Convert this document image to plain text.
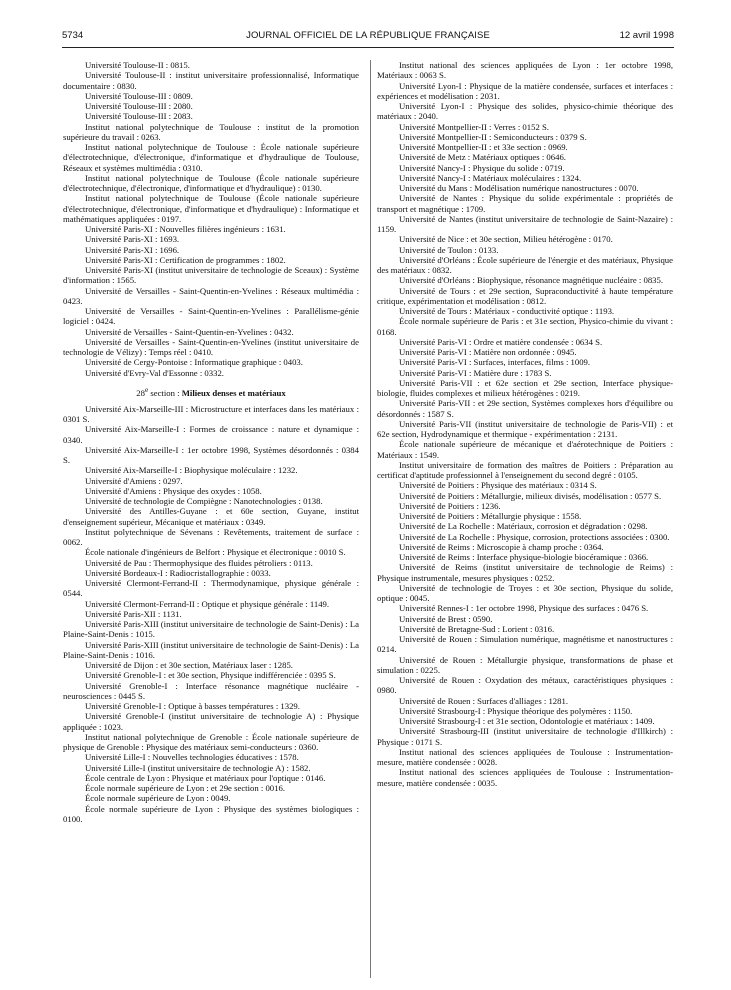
5734	JOURNAL OFFICIEL DE LA RÉPUBLIQUE FRANÇAISE	12 avril 1998

Université Toulouse-II : 0815.

Université Toulouse-II : institut universitaire professionnalisé, Informatique documentaire : 0830.

Université Toulouse-III : 0809.

Université Toulouse-III : 2080.

Université Toulouse-III : 2083.

Institut national polytechnique de Toulouse : institut de la promotion supérieure du travail : 0263.

Institut national polytechnique de Toulouse : École nationale supérieure d'électrotechnique, d'électronique, d'informatique et d'hydraulique de Toulouse, Réseaux et systèmes multimédia : 0310.

Institut national polytechnique de Toulouse (École nationale supérieure d'électrotechnique, d'électronique, d'informatique et d'hydraulique) : 0130.

Institut national polytechnique de Toulouse (École nationale supérieure d'électrotechnique, d'électronique, d'informatique et d'hydraulique) : Informatique et mathématiques appliquées : 0197.

Université Paris-XI : Nouvelles filières ingénieurs : 1631.

Université Paris-XI : 1693.

Université Paris-XI : 1696.

Université Paris-XI : Certification de programmes : 1802.

Université Paris-XI (institut universitaire de technologie de Sceaux) : Système d'information : 1565.

Université de Versailles - Saint-Quentin-en-Yvelines : Réseaux multimédia : 0423.

Université de Versailles - Saint-Quentin-en-Yvelines : Parallélisme-génie logiciel : 0424.

Université de Versailles - Saint-Quentin-en-Yvelines : 0432.

Université de Versailles - Saint-Quentin-en-Yvelines (institut universitaire de technologie de Vélizy) : Temps réel : 0410.

Université de Cergy-Pontoise : Informatique graphique : 0403.

Université d'Evry-Val d'Essonne : 0332.

28e section : Milieux denses et matériaux

Université Aix-Marseille-III : Microstructure et interfaces dans les matériaux : 0301 S.

Université Aix-Marseille-I : Formes de croissance : nature et dynamique : 0340.

Université Aix-Marseille-I : 1er octobre 1998, Systèmes désordonnés : 0384 S.

Université Aix-Marseille-I : Biophysique moléculaire : 1232.

Université d'Amiens : 0297.

Université d'Amiens : Physique des oxydes : 1058.

Université de technologie de Compiègne : Nanotechnologies : 0138.

Université des Antilles-Guyane : et 60e section, Guyane, institut d'enseignement supérieur, Mécanique et matériaux : 0349.

Institut polytechnique de Sévenans : Revêtements, traitement de surface : 0062.

École nationale d'ingénieurs de Belfort : Physique et électronique : 0010 S.

Université de Pau : Thermophysique des fluides pétroliers : 0113.

Université Bordeaux-I : Radiocristallographie : 0033.

Université Clermont-Ferrand-II : Thermodynamique, physique générale : 0544.

Université Clermont-Ferrand-II : Optique et physique générale : 1149.

Université Paris-XII : 1131.

Université Paris-XIII (institut universitaire de technologie de Saint-Denis) : La Plaine-Saint-Denis : 1015.

Université Paris-XIII (institut universitaire de technologie de Saint-Denis) : La Plaine-Saint-Denis : 1016.

Université de Dijon : et 30e section, Matériaux laser : 1285.

Université Grenoble-I : et 30e section, Physique indifférenciée : 0395 S.

Université Grenoble-I : Interface résonance magnétique nucléaire - neurosciences : 0445 S.

Université Grenoble-I : Optique à basses températures : 1329.

Université Grenoble-I (institut universitaire de technologie A) : Physique appliquée : 1023.

Institut national polytechnique de Grenoble : École nationale supérieure de physique de Grenoble : Physique des matériaux semi-conducteurs : 0360.

Université Lille-I : Nouvelles technologies éducatives : 1578.

Université Lille-I (institut universitaire de technologie A) : 1582.

École centrale de Lyon : Physique et matériaux pour l'optique : 0146.

École normale supérieure de Lyon : et 29e section : 0016.

École normale supérieure de Lyon : 0049.

École normale supérieure de Lyon : Physique des systèmes biologiques : 0100.

Institut national des sciences appliquées de Lyon : 1er octobre 1998, Matériaux : 0063 S.

Université Lyon-I : Physique de la matière condensée, surfaces et interfaces : expériences et modélisation : 2031.

Université Lyon-I : Physique des solides, physico-chimie théorique des matériaux : 2040.

Université Montpellier-II : Verres : 0152 S.

Université Montpellier-II : Semiconducteurs : 0379 S.

Université Montpellier-II : et 33e section : 0969.

Université de Metz : Matériaux optiques : 0646.

Université Nancy-I : Physique du solide : 0719.

Université Nancy-I : Matériaux moléculaires : 1324.

Université du Mans : Modélisation numérique nanostructures : 0070.

Université de Nantes : Physique du solide expérimentale : propriétés de transport et magnétique : 1709.

Université de Nantes (institut universitaire de technologie de Saint-Nazaire) : 1159.

Université de Nice : et 30e section, Milieu hétérogène : 0170.

Université de Toulon : 0133.

Université d'Orléans : École supérieure de l'énergie et des matériaux, Physique des matériaux : 0832.

Université d'Orléans : Biophysique, résonance magnétique nucléaire : 0835.

Université de Tours : et 29e section, Supraconductivité à haute température critique, expérimentation et modélisation : 0812.

Université de Tours : Matériaux - conductivité optique : 1193.

École normale supérieure de Paris : et 31e section, Physico-chimie du vivant : 0168.

Université Paris-VI : Ordre et matière condensée : 0634 S.

Université Paris-VI : Matière non ordonnée : 0945.

Université Paris-VI : Surfaces, interfaces, films : 1009.

Université Paris-VI : Matière dure : 1783 S.

Université Paris-VII : et 62e section et 29e section, Interface physique-biologie, fluides complexes et milieux hétérogènes : 0219.

Université Paris-VII : et 29e section, Systèmes complexes hors d'équilibre ou désordonnés : 1587 S.

Université Paris-VII (institut universitaire de technologie de Paris-VII) : et 62e section, Hydrodynamique et thermique - expérimentation : 2131.

École nationale supérieure de mécanique et d'aérotechnique de Poitiers : Matériaux : 1549.

Institut universitaire de formation des maîtres de Poitiers : Préparation au certificat d'aptitude professionnel à l'enseignement du second degré : 0105.

Université de Poitiers : Physique des matériaux : 0314 S.

Université de Poitiers : Métallurgie, milieux divisés, modélisation : 0577 S.

Université de Poitiers : 1236.

Université de Poitiers : Métallurgie physique : 1558.

Université de La Rochelle : Matériaux, corrosion et dégradation : 0298.

Université de La Rochelle : Physique, corrosion, protections associées : 0300.

Université de Reims : Microscopie à champ proche : 0364.

Université de Reims : Interface physique-biologie biocéramique : 0366.

Université de Reims (institut universitaire de technologie de Reims) : Physique instrumentale, mesures physiques : 0252.

Université de technologie de Troyes : et 30e section, Physique du solide, optique : 0045.

Université Rennes-I : 1er octobre 1998, Physique des surfaces : 0476 S.

Université de Brest : 0590.

Université de Bretagne-Sud : Lorient : 0316.

Université de Rouen : Simulation numérique, magnétisme et nanostructures : 0214.

Université de Rouen : Métallurgie physique, transformations de phase et simulation : 0225.

Université de Rouen : Oxydation des métaux, caractéristiques physiques : 0980.

Université de Rouen : Surfaces d'alliages : 1281.

Université Strasbourg-I : Physique théorique des polymères : 1150.

Université Strasbourg-I : et 31e section, Odontologie et matériaux : 1409.

Université Strasbourg-III (institut universitaire de technologie d'Illkirch) : Physique : 0171 S.

Institut national des sciences appliquées de Toulouse : Instrumentation-mesure, matière condensée : 0028.

Institut national des sciences appliquées de Toulouse : Instrumentation-mesure, matière condensée : 0035.
